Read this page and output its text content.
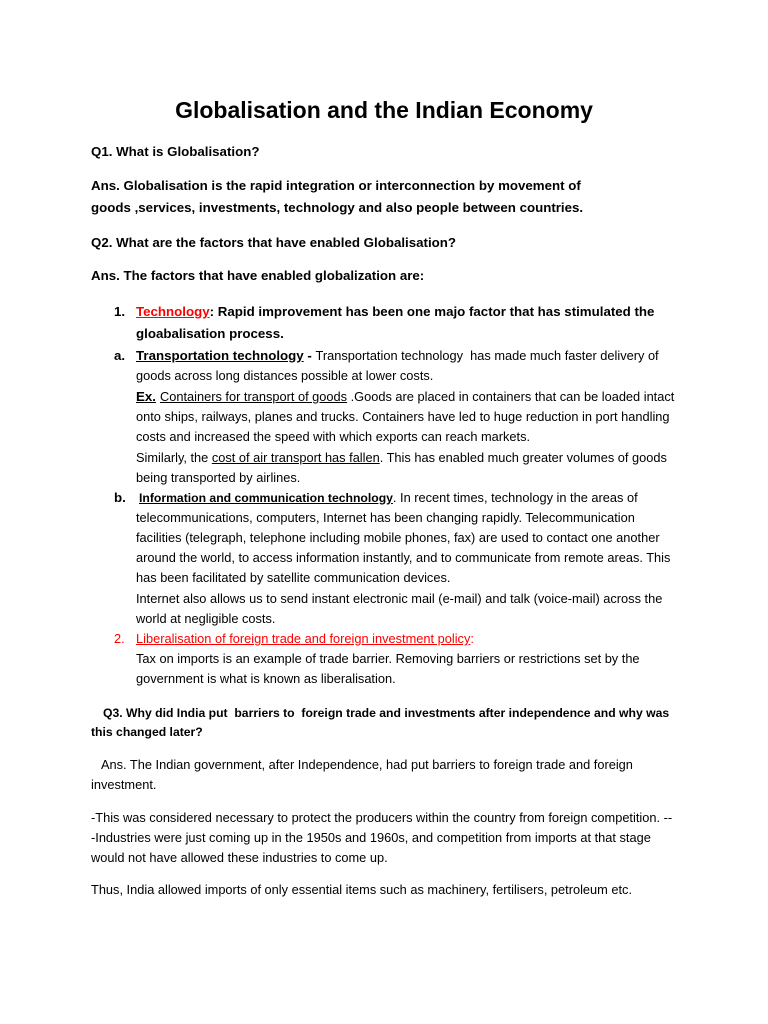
Globalisation and the Indian Economy
Q1. What is Globalisation?
Ans. Globalisation is the rapid integration or interconnection by movement of
goods ,services, investments, technology and also people between countries.
Q2. What are the factors that have enabled Globalisation?
Ans. The factors that have enabled globalization are:
1. Technology: Rapid improvement has been one majo factor that has stimulated the
gloabalisation process.
a. Transportation technology - Transportation technology  has made much faster delivery of
goods across long distances possible at lower costs.
Ex. Containers for transport of goods .Goods are placed in containers that can be loaded intact
onto ships, railways, planes and trucks. Containers have led to huge reduction in port handling
costs and increased the speed with which exports can reach markets.
Similarly, the cost of air transport has fallen. This has enabled much greater volumes of goods
being transported by airlines.
b. Information and communication technology. In recent times, technology in the areas of
telecommunications, computers, Internet has been changing rapidly. Telecommunication
facilities (telegraph, telephone including mobile phones, fax) are used to contact one another
around the world, to access information instantly, and to communicate from remote areas. This
has been facilitated by satellite communication devices.
Internet also allows us to send instant electronic mail (e-mail) and talk (voice-mail) across the
world at negligible costs.
2. Liberalisation of foreign trade and foreign investment policy:
Tax on imports is an example of trade barrier. Removing barriers or restrictions set by the
government is what is known as liberalisation.
Q3. Why did India put  barriers to  foreign trade and investments after independence and why was
this changed later?
Ans. The Indian government, after Independence, had put barriers to foreign trade and foreign
investment.
-This was considered necessary to protect the producers within the country from foreign competition. --
-Industries were just coming up in the 1950s and 1960s, and competition from imports at that stage
would not have allowed these industries to come up.
Thus, India allowed imports of only essential items such as machinery, fertilisers, petroleum etc.
